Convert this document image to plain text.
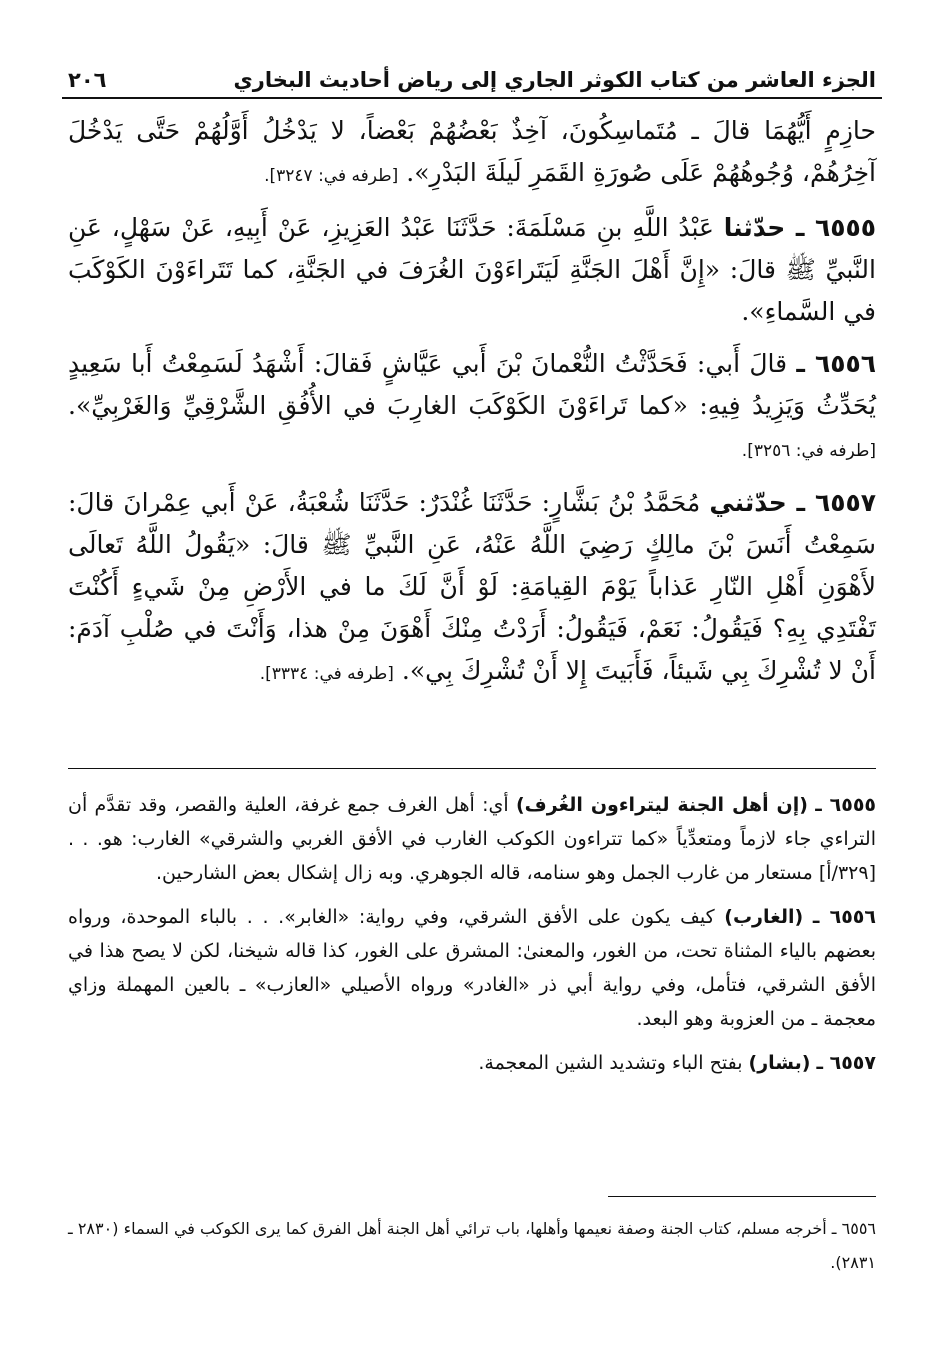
الجزء العاشر من كتاب الكوثر الجاري إلى رياض أحاديث البخاري
٢٠٦

حازِمٍ أَيُّهُمَا قالَ ـ مُتَماسِكُونَ، آخِذٌ بَعْضُهُمْ بَعْضاً، لا يَدْخُلُ أَوَّلُهُمْ حَتَّى يَدْخُلَ آخِرُهُمْ، وُجُوهُهُمْ عَلَى صُورَةِ القَمَرِ لَيلَةَ البَدْرِ». [طرفه في: ٣٢٤٧].

٦٥٥٥ ـ حدّثنا عَبْدُ اللَّهِ بنِ مَسْلَمَةَ: حَدَّثَنَا عَبْدُ العَزِيزِ، عَنْ أَبِيهِ، عَنْ سَهْلٍ، عَنِ النَّبيِّ ﷺ قالَ: «إِنَّ أَهْلَ الجَنَّةِ لَيَتَراءَوْنَ الغُرَفَ في الجَنَّةِ، كما تَتَراءَوْنَ الكَوْكَبَ في السَّماءِ».

٦٥٥٦ ـ قالَ أَبي: فَحَدَّثْتُ النُّعْمانَ بْنَ أَبي عَيَّاشٍ فَقالَ: أَشْهَدُ لَسَمِعْتُ أَبا سَعِيدٍ يُحَدِّثُ وَيَزِيدُ فِيهِ: «كما تَراءَوْنَ الكَوْكَبَ الغارِبَ في الأُفُقِ الشَّرْقِيِّ وَالغَرْبِيِّ». [طرفه في: ٣٢٥٦].

٦٥٥٧ ـ حدّثني مُحَمَّدُ بْنُ بَشَّارٍ: حَدَّثَنَا غُنْدَرٌ: حَدَّثَنَا شُعْبَةُ، عَنْ أَبي عِمْرانَ قالَ: سَمِعْتُ أَنَسَ بْنَ مالِكٍ رَضِيَ اللَّهُ عَنْهُ، عَنِ النَّبيِّ ﷺ قالَ: «يَقُولُ اللَّهُ تَعالَى لأَهْوَنِ أَهْلِ النّارِ عَذاباً يَوْمَ القِيامَةِ: لَوْ أَنَّ لَكَ ما في الأَرْضِ مِنْ شَيءٍ أَكُنْتَ تَفْتَدِي بِهِ؟ فَيَقُولُ: نَعَمْ، فَيَقُولُ: أَرَدْتُ مِنْكَ أَهْوَنَ مِنْ هذا، وَأَنْتَ في صُلْبِ آدَمَ: أَنْ لا تُشْرِكَ بِي شَيئاً، فَأَبَيتَ إِلا أَنْ تُشْرِكَ بِي». [طرفه في: ٣٣٣٤].

٦٥٥٥ ـ (إن أهل الجنة ليتراءون الغُرف) أي: أهل الغرف جمع غرفة، العلية والقصر، وقد تقدَّم أن التراءي جاء لازماً ومتعدِّياً «كما تتراءون الكوكب الغارب في الأفق الغربي والشرقي» الغارب: هو. . . [٣٢٩/أ] مستعار من غارب الجمل وهو سنامه، قاله الجوهري. وبه زال إشكال بعض الشارحين.

٦٥٥٦ ـ (الغارب) كيف يكون على الأفق الشرقي، وفي رواية: «الغابر». . . بالباء الموحدة، ورواه بعضهم بالياء المثناة تحت، من الغور، والمعنىٰ: المشرق على الغور، كذا قاله شيخنا، لكن لا يصح هذا في الأفق الشرقي، فتأمل، وفي رواية أبي ذر «الغادر» ورواه الأصيلي «العازب» ـ بالعين المهملة وزاي معجمة ـ من العزوبة وهو البعد.

٦٥٥٧ ـ (بشار) بفتح الباء وتشديد الشين المعجمة.

٦٥٥٦ ـ أخرجه مسلم، كتاب الجنة وصفة نعيمها وأهلها، باب ترائي أهل الجنة أهل الفرق كما يرى الكوكب في السماء (٢٨٣٠ ـ ٢٨٣١).
